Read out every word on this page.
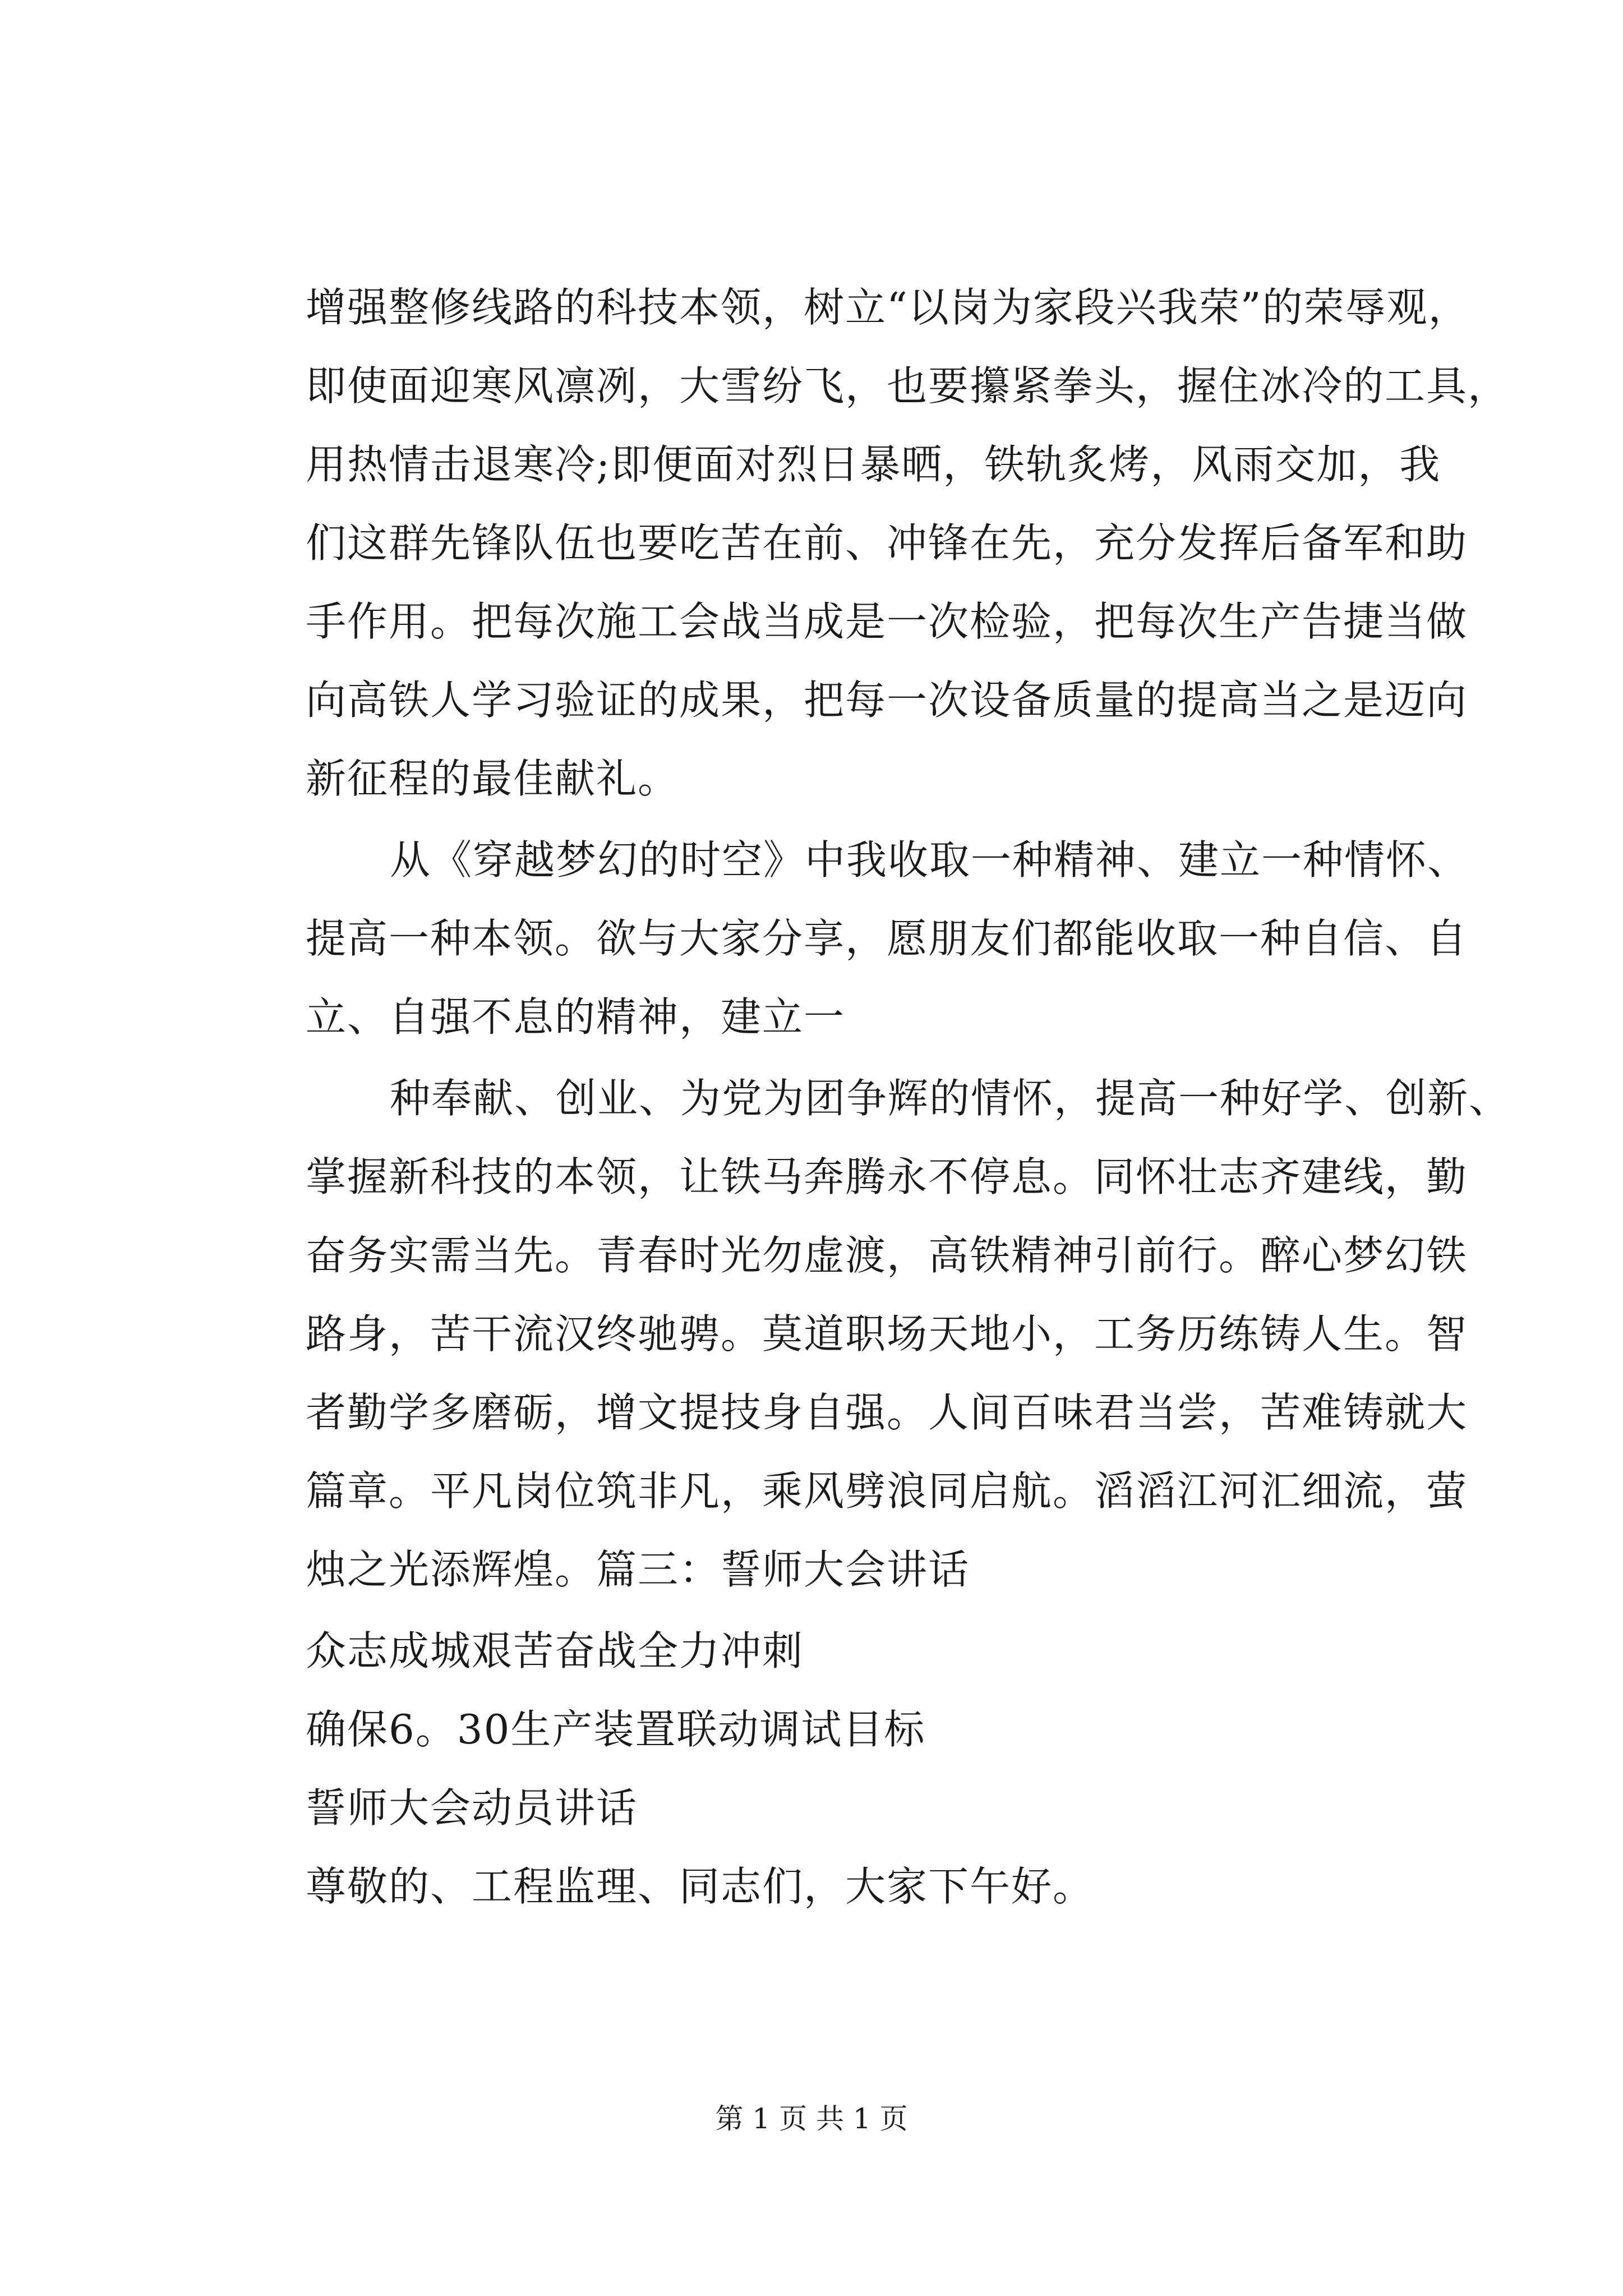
增强整修线路的科技本领，树立“以岗为家段兴我荣”的荣辱观，
即使面迎寒风凛冽，大雪纷飞，也要攥紧拳头，握住冰冷的工具，
用热情击退寒冷;即便面对烈日暴晒，铁轨炙烤，风雨交加，我
们这群先锋队伍也要吃苦在前、冲锋在先，充分发挥后备军和助
手作用。把每次施工会战当成是一次检验，把每次生产告捷当做
向高铁人学习验证的成果，把每一次设备质量的提高当之是迈向
新征程的最佳献礼。
从《穿越梦幻的时空》中我收取一种精神、建立一种情怀、
提高一种本领。欲与大家分享，愿朋友们都能收取一种自信、自
立、自强不息的精神，建立一
种奉献、创业、为党为团争辉的情怀，提高一种好学、创新、
掌握新科技的本领，让铁马奔腾永不停息。同怀壮志齐建线，勤
奋务实需当先。青春时光勿虚渡，高铁精神引前行。醉心梦幻铁
路身，苦干流汉终驰骋。莫道职场天地小，工务历练铸人生。智
者勤学多磨砺，增文提技身自强。人间百味君当尝，苦难铸就大
篇章。平凡岗位筑非凡，乘风劈浪同启航。滔滔江河汇细流，萤
烛之光添辉煌。篇三：誓师大会讲话
众志成城艰苦奋战全力冲刺
确保6。30生产装置联动调试目标
誓师大会动员讲话
尊敬的、工程监理、同志们，大家下午好。
第 1 页 共 1 页
